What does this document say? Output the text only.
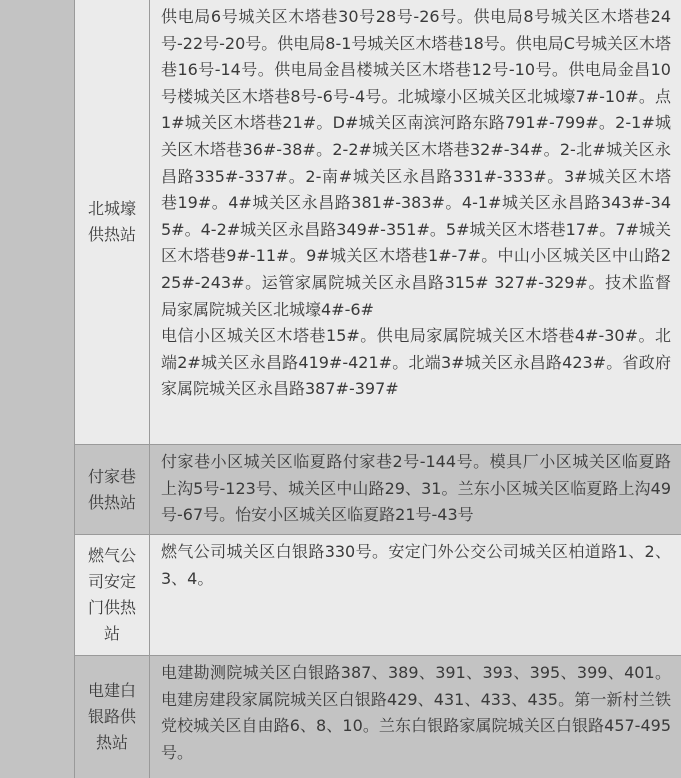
北城壕
供热站
供电局6号城关区木塔巷30号28号-26号。供电局8号城关区木塔巷24号-22号-20号。供电局8-1号城关区木塔巷18号。供电局C号城关区木塔巷16号-14号。供电局金昌楼城关区木塔巷12号-10号。供电局金昌10号楼城关区木塔巷8号-6号-4号。北城壕小区城关区北城壕7#-10#。点1#城关区木塔巷21#。D#城关区南滨河路东路791#-799#。2-1#城关区木塔巷36#-38#。2-2#城关区木塔巷32#-34#。2-北#城关区永昌路335#-337#。2-南#城关区永昌路331#-333#。3#城关区木塔巷19#。4#城关区永昌路381#-383#。4-1#城关区永昌路343#-345#。4-2#城关区永昌路349#-351#。5#城关区木塔巷17#。7#城关区木塔巷9#-11#。9#城关区木塔巷1#-7#。中山小区城关区中山路225#-243#。运管家属院城关区永昌路315# 327#-329#。技术监督局家属院城关区北城壕4#-6#
电信小区城关区木塔巷15#。供电局家属院城关区木塔巷4#-30#。北端2#城关区永昌路419#-421#。北端3#城关区永昌路423#。省政府家属院城关区永昌路387#-397#
付家巷
供热站
付家巷小区城关区临夏路付家巷2号-144号。模具厂小区城关区临夏路上沟5号-123号、城关区中山路29、31。兰东小区城关区临夏路上沟49号-67号。怡安小区城关区临夏路21号-43号
燃气公
司安定
门供热
站
燃气公司城关区白银路330号。安定门外公交公司城关区柏道路1、2、3、4。
电建白
银路供
热站
电建勘测院城关区白银路387、389、391、393、395、399、401。电建房建段家属院城关区白银路429、431、433、435。第一新村兰铁党校城关区自由路6、8、10。兰东白银路家属院城关区白银路457-495号。
